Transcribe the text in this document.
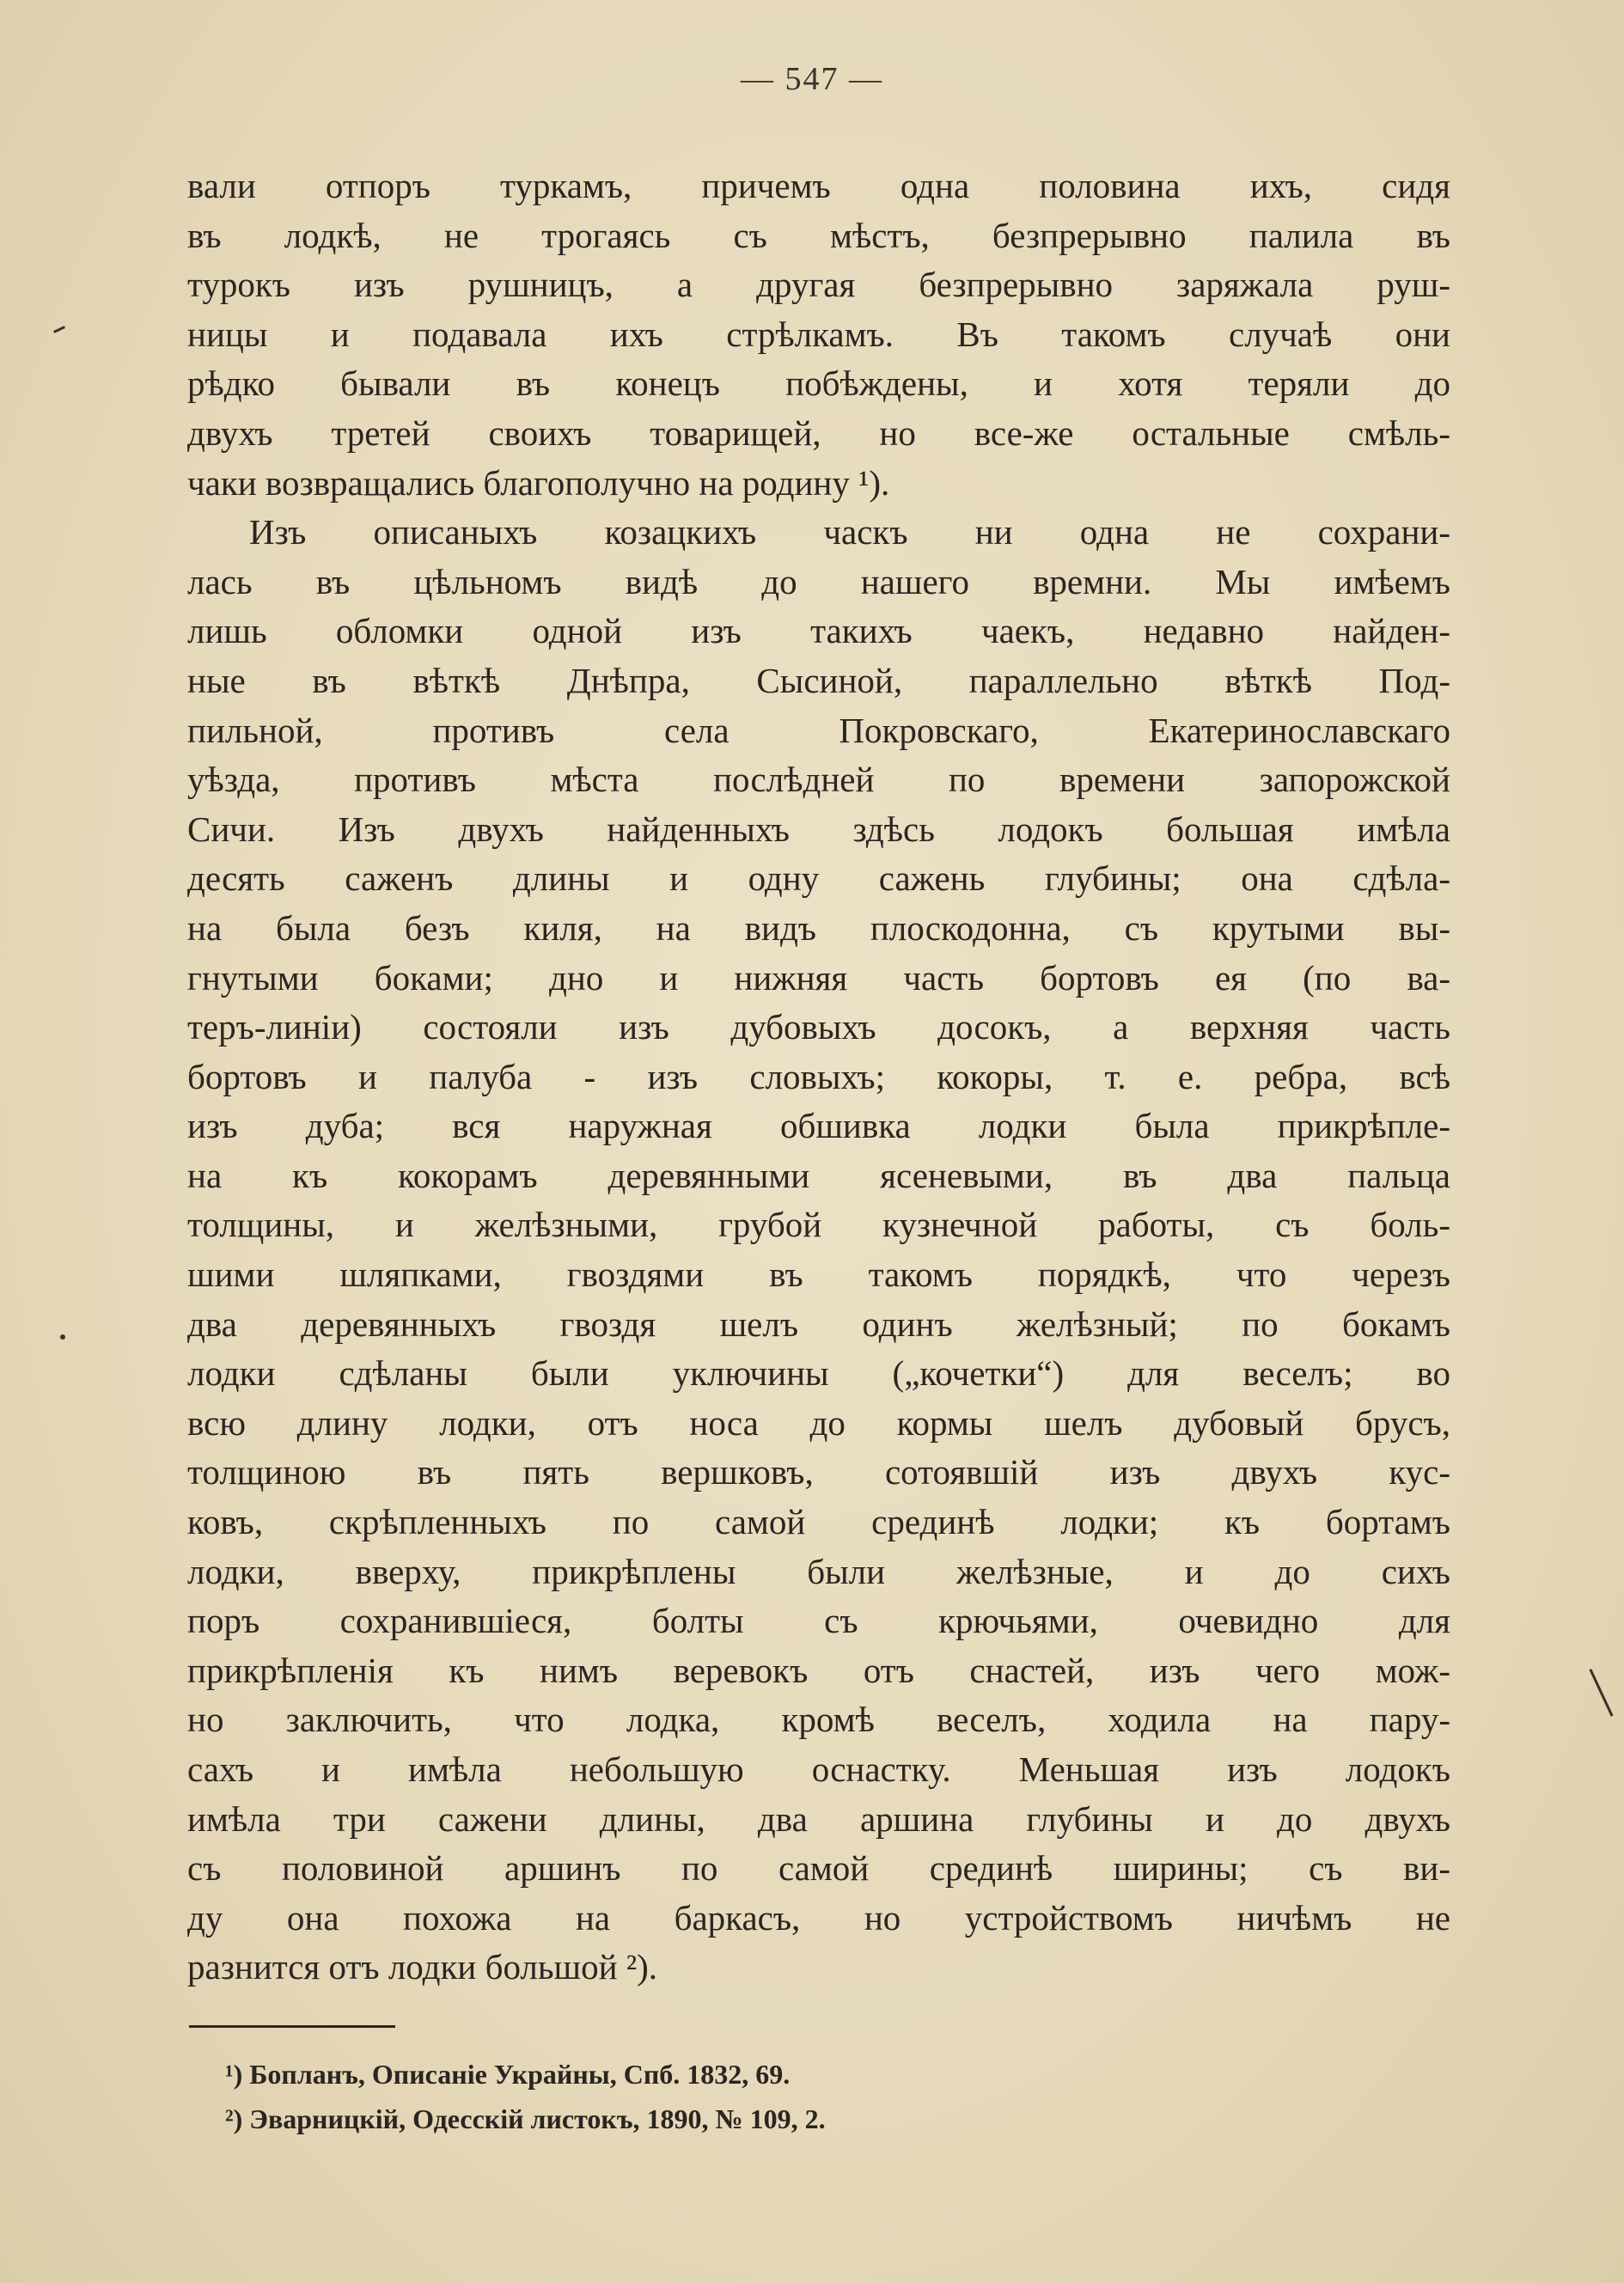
— 547 —
вали отпоръ туркамъ, причемъ одна половина ихъ, сидя
въ лодкѣ, не трогаясь съ мѣстъ, безпрерывно палила въ
турокъ изъ рушницъ, а другая безпрерывно заряжала руш-
ницы и подавала ихъ стрѣлкамъ. Въ такомъ случаѣ они
рѣдко бывали въ конецъ побѣждены, и хотя теряли до
двухъ третей своихъ товарищей, но все-же остальные смѣль-
чаки возвращались благополучно на родину ¹).
Изъ описаныхъ козацкихъ часкъ ни одна не сохрани-
лась въ цѣльномъ видѣ до нашего времни. Мы имѣемъ
лишь обломки одной изъ такихъ чаекъ, недавно найден-
ные въ вѣткѣ Днѣпра, Сысиной, параллельно вѣткѣ Под-
пильной, противъ села Покровскаго, Екатеринославскаго
уѣзда, противъ мѣста послѣдней по времени запорожской
Сичи. Изъ двухъ найденныхъ здѣсь лодокъ большая имѣла
десять саженъ длины и одну сажень глубины; она сдѣла-
на была безъ киля, на видъ плоскодонна, съ крутыми вы-
гнутыми боками; дно и нижняя часть бортовъ ея (по ва-
теръ-линiи) состояли изъ дубовыхъ досокъ, а верхняя часть
бортовъ и палуба - изъ словыхъ; кокоры, т. е. ребра, всѣ
изъ дуба; вся наружная обшивка лодки была прикрѣпле-
на къ кокорамъ деревянными ясеневыми, въ два пальца
толщины, и желѣзными, грубой кузнечной работы, съ боль-
шими шляпками, гвоздями въ такомъ порядкѣ, что черезъ
два деревянныхъ гвоздя шелъ одинъ желѣзный; по бокамъ
лодки сдѣланы были уключины („кочетки“) для веселъ; во
всю длину лодки, отъ носа до кормы шелъ дубовый брусъ,
толщиною въ пять вершковъ, сотоявшiй изъ двухъ кус-
ковъ, скрѣпленныхъ по самой срединѣ лодки; къ бортамъ
лодки, вверху, прикрѣплены были желѣзные, и до сихъ
поръ сохранившiеся, болты съ крючьями, очевидно для
прикрѣпленiя къ нимъ веревокъ отъ снастей, изъ чего мож-
но заключить, что лодка, кромѣ веселъ, ходила на пару-
сахъ и имѣла небольшую оснастку. Меньшая изъ лодокъ
имѣла три сажени длины, два аршина глубины и до двухъ
съ половиной аршинъ по самой срединѣ ширины; съ ви-
ду она похожа на баркасъ, но устройствомъ ничѣмъ не
разнится отъ лодки большой ²).
¹) Бопланъ, Описанiе Украйны, Спб. 1832, 69.
²) Эварницкiй, Одесскiй листокъ, 1890, № 109, 2.
